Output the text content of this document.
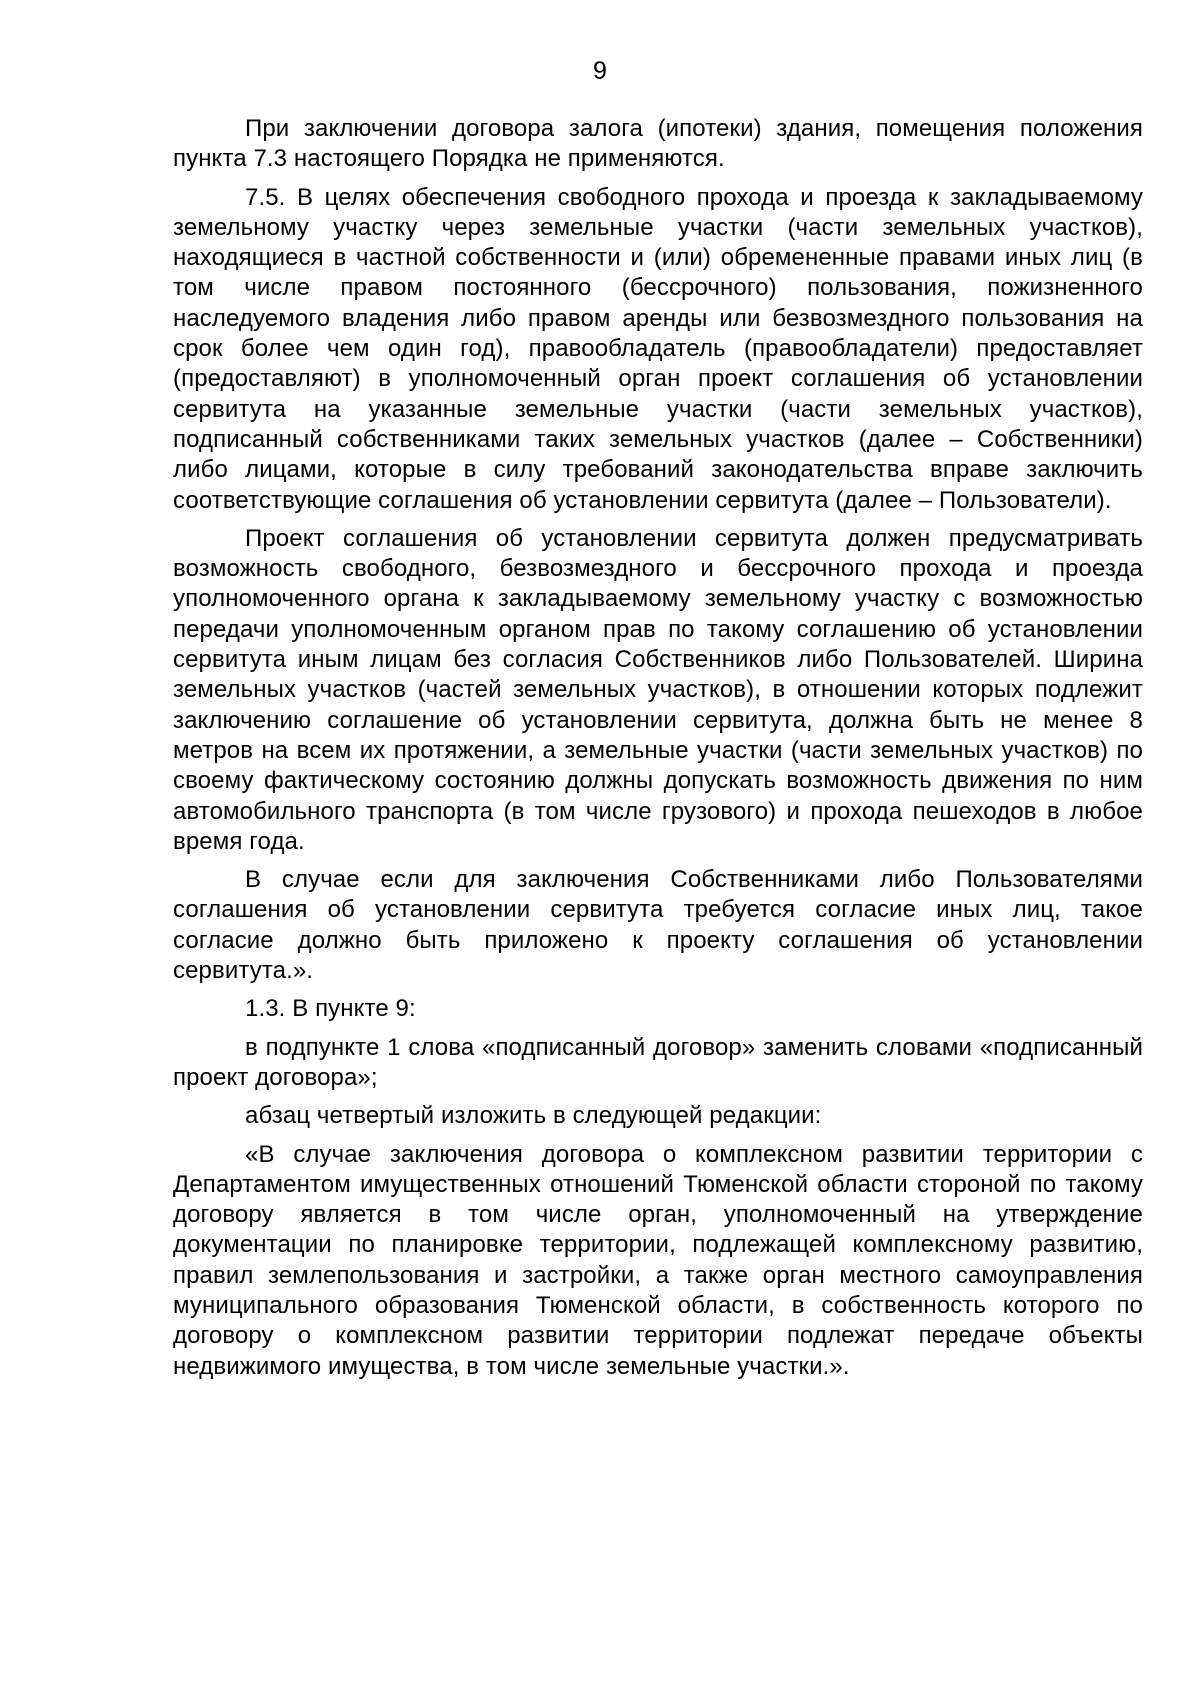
9

При заключении договора залога (ипотеки) здания, помещения положения пункта 7.3 настоящего Порядка не применяются.

7.5. В целях обеспечения свободного прохода и проезда к закладываемому земельному участку через земельные участки (части земельных участков), находящиеся в частной собственности и (или) обремененные правами иных лиц (в том числе правом постоянного (бессрочного) пользования, пожизненного наследуемого владения либо правом аренды или безвозмездного пользования на срок более чем один год), правообладатель (правообладатели) предоставляет (предоставляют) в уполномоченный орган проект соглашения об установлении сервитута на указанные земельные участки (части земельных участков), подписанный собственниками таких земельных участков (далее – Собственники) либо лицами, которые в силу требований законодательства вправе заключить соответствующие соглашения об установлении сервитута (далее – Пользователи).

Проект соглашения об установлении сервитута должен предусматривать возможность свободного, безвозмездного и бессрочного прохода и проезда уполномоченного органа к закладываемому земельному участку с возможностью передачи уполномоченным органом прав по такому соглашению об установлении сервитута иным лицам без согласия Собственников либо Пользователей. Ширина земельных участков (частей земельных участков), в отношении которых подлежит заключению соглашение об установлении сервитута, должна быть не менее 8 метров на всем их протяжении, а земельные участки (части земельных участков) по своему фактическому состоянию должны допускать возможность движения по ним автомобильного транспорта (в том числе грузового) и прохода пешеходов в любое время года.

В случае если для заключения Собственниками либо Пользователями соглашения об установлении сервитута требуется согласие иных лиц, такое согласие должно быть приложено к проекту соглашения об установлении сервитута.».

1.3. В пункте 9:

в подпункте 1 слова «подписанный договор» заменить словами «подписанный проект договора»;

абзац четвертый изложить в следующей редакции:

«В случае заключения договора о комплексном развитии территории с Департаментом имущественных отношений Тюменской области стороной по такому договору является в том числе орган, уполномоченный на утверждение документации по планировке территории, подлежащей комплексному развитию, правил землепользования и застройки, а также орган местного самоуправления муниципального образования Тюменской области, в собственность которого по договору о комплексном развитии территории подлежат передаче объекты недвижимого имущества, в том числе земельные участки.».
